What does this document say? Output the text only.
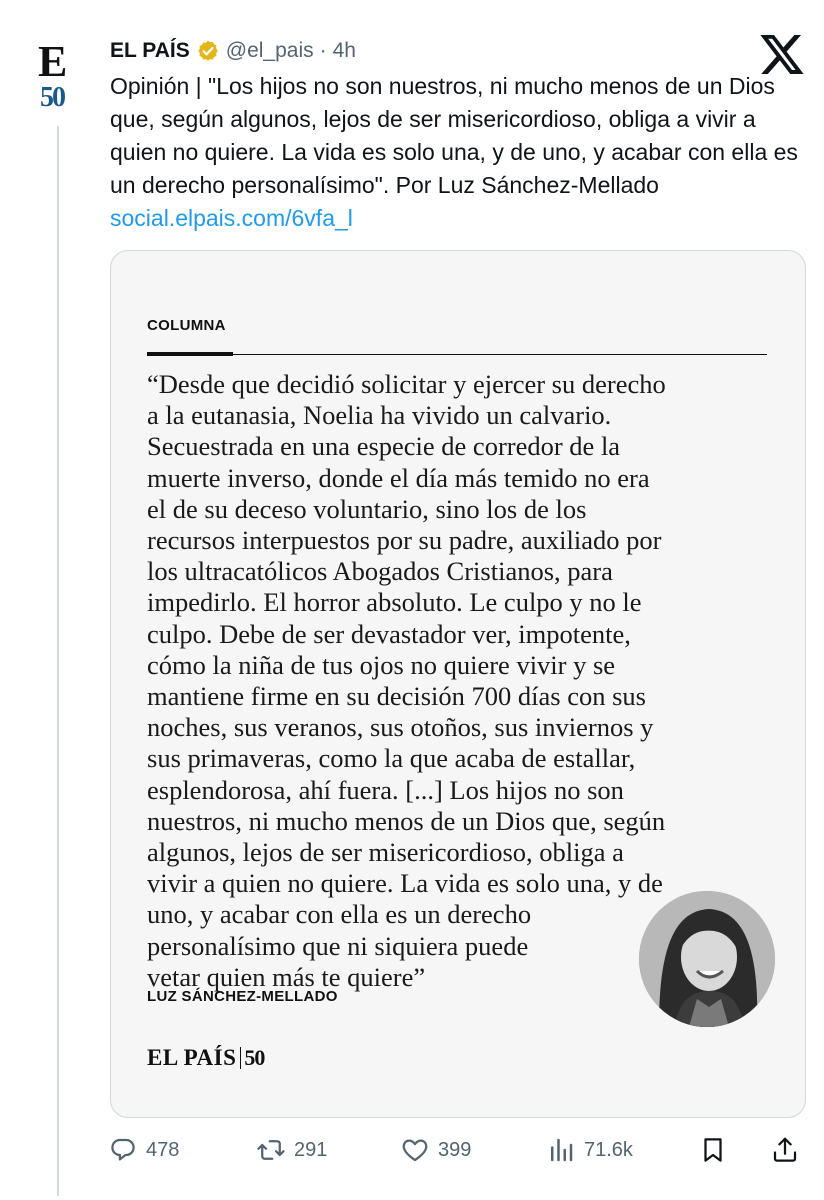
E
50
EL PAÍS @el_pais · 4h
Opinión | "Los hijos no son nuestros, ni mucho menos de un Dios que, según algunos, lejos de ser misericordioso, obliga a vivir a quien no quiere. La vida es solo una, y de uno, y acabar con ella es un derecho personalísimo". Por Luz Sánchez-Mellado social.elpais.com/6vfa_l
COLUMNA
“Desde que decidió solicitar y ejercer su derecho
a la eutanasia, Noelia ha vivido un calvario.
Secuestrada en una especie de corredor de la
muerte inverso, donde el día más temido no era
el de su deceso voluntario, sino los de los
recursos interpuestos por su padre, auxiliado por
los ultracatólicos Abogados Cristianos, para
impedirlo. El horror absoluto. Le culpo y no le
culpo. Debe de ser devastador ver, impotente,
cómo la niña de tus ojos no quiere vivir y se
mantiene firme en su decisión 700 días con sus
noches, sus veranos, sus otoños, sus inviernos y
sus primaveras, como la que acaba de estallar,
esplendorosa, ahí fuera. [...] Los hijos no son
nuestros, ni mucho menos de un Dios que, según
algunos, lejos de ser misericordioso, obliga a
vivir a quien no quiere. La vida es solo una, y de
uno, y acabar con ella es un derecho
personalísimo que ni siquiera puede
vetar quien más te quiere”
LUZ SÁNCHEZ-MELLADO
EL PAÍS 50
478	291	399	71.6k
